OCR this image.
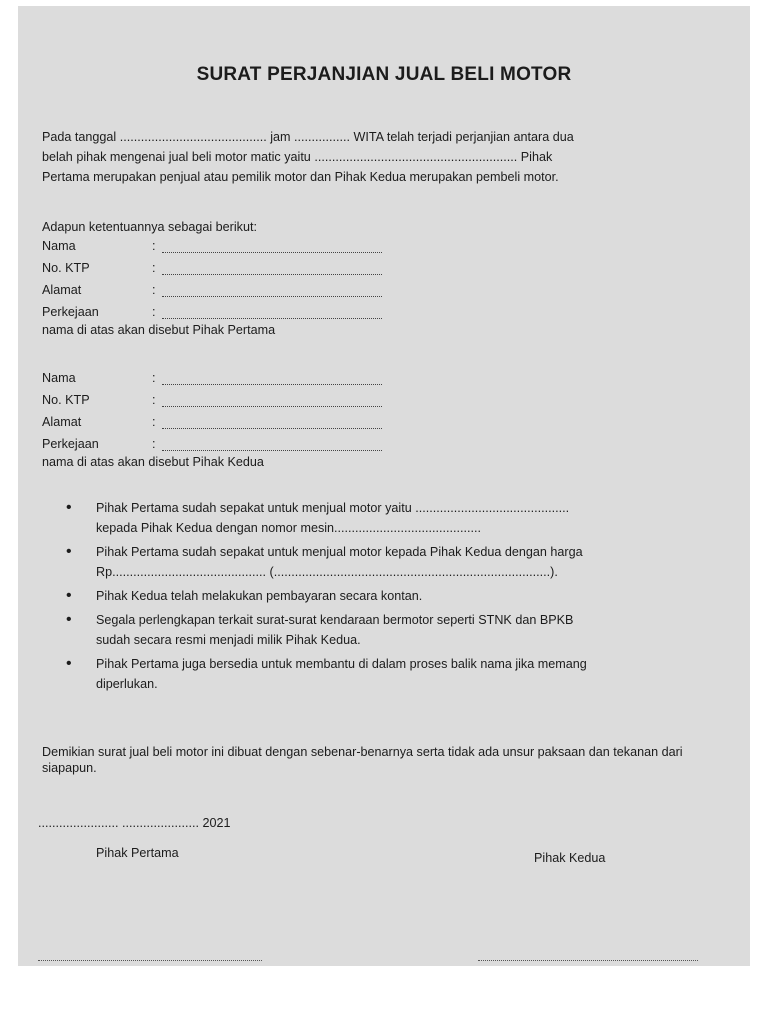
SURAT PERJANJIAN JUAL BELI MOTOR
Pada tanggal .......................................... jam ................ WITA telah terjadi perjanjian antara dua
belah pihak mengenai jual beli motor matic yaitu .......................................................... Pihak
Pertama merupakan penjual atau pemilik motor dan Pihak Kedua merupakan pembeli motor.
Adapun ketentuannya sebagai berikut:
Nama	:
No. KTP	:
Alamat	:
Perkejaan	:
nama di atas akan disebut Pihak Pertama
Nama	:
No. KTP	:
Alamat	:
Perkejaan	:
nama di atas akan disebut Pihak Kedua
• Pihak Pertama sudah sepakat untuk menjual motor yaitu ............................................
kepada Pihak Kedua dengan nomor mesin..........................................
• Pihak Pertama sudah sepakat untuk menjual motor kepada Pihak Kedua dengan harga
Rp............................................ (...............................................................................).
• Pihak Kedua telah melakukan pembayaran secara kontan.
• Segala perlengkapan terkait surat-surat kendaraan bermotor seperti STNK dan BPKB
sudah secara resmi menjadi milik Pihak Kedua.
• Pihak Pertama juga bersedia untuk membantu di dalam proses balik nama jika memang
diperlukan.
Demikian surat jual beli motor ini dibuat dengan sebenar-benarnya serta tidak ada unsur paksaan dan tekanan dari siapapun.
....................... ...................... 2021
Pihak Pertama	Pihak Kedua
